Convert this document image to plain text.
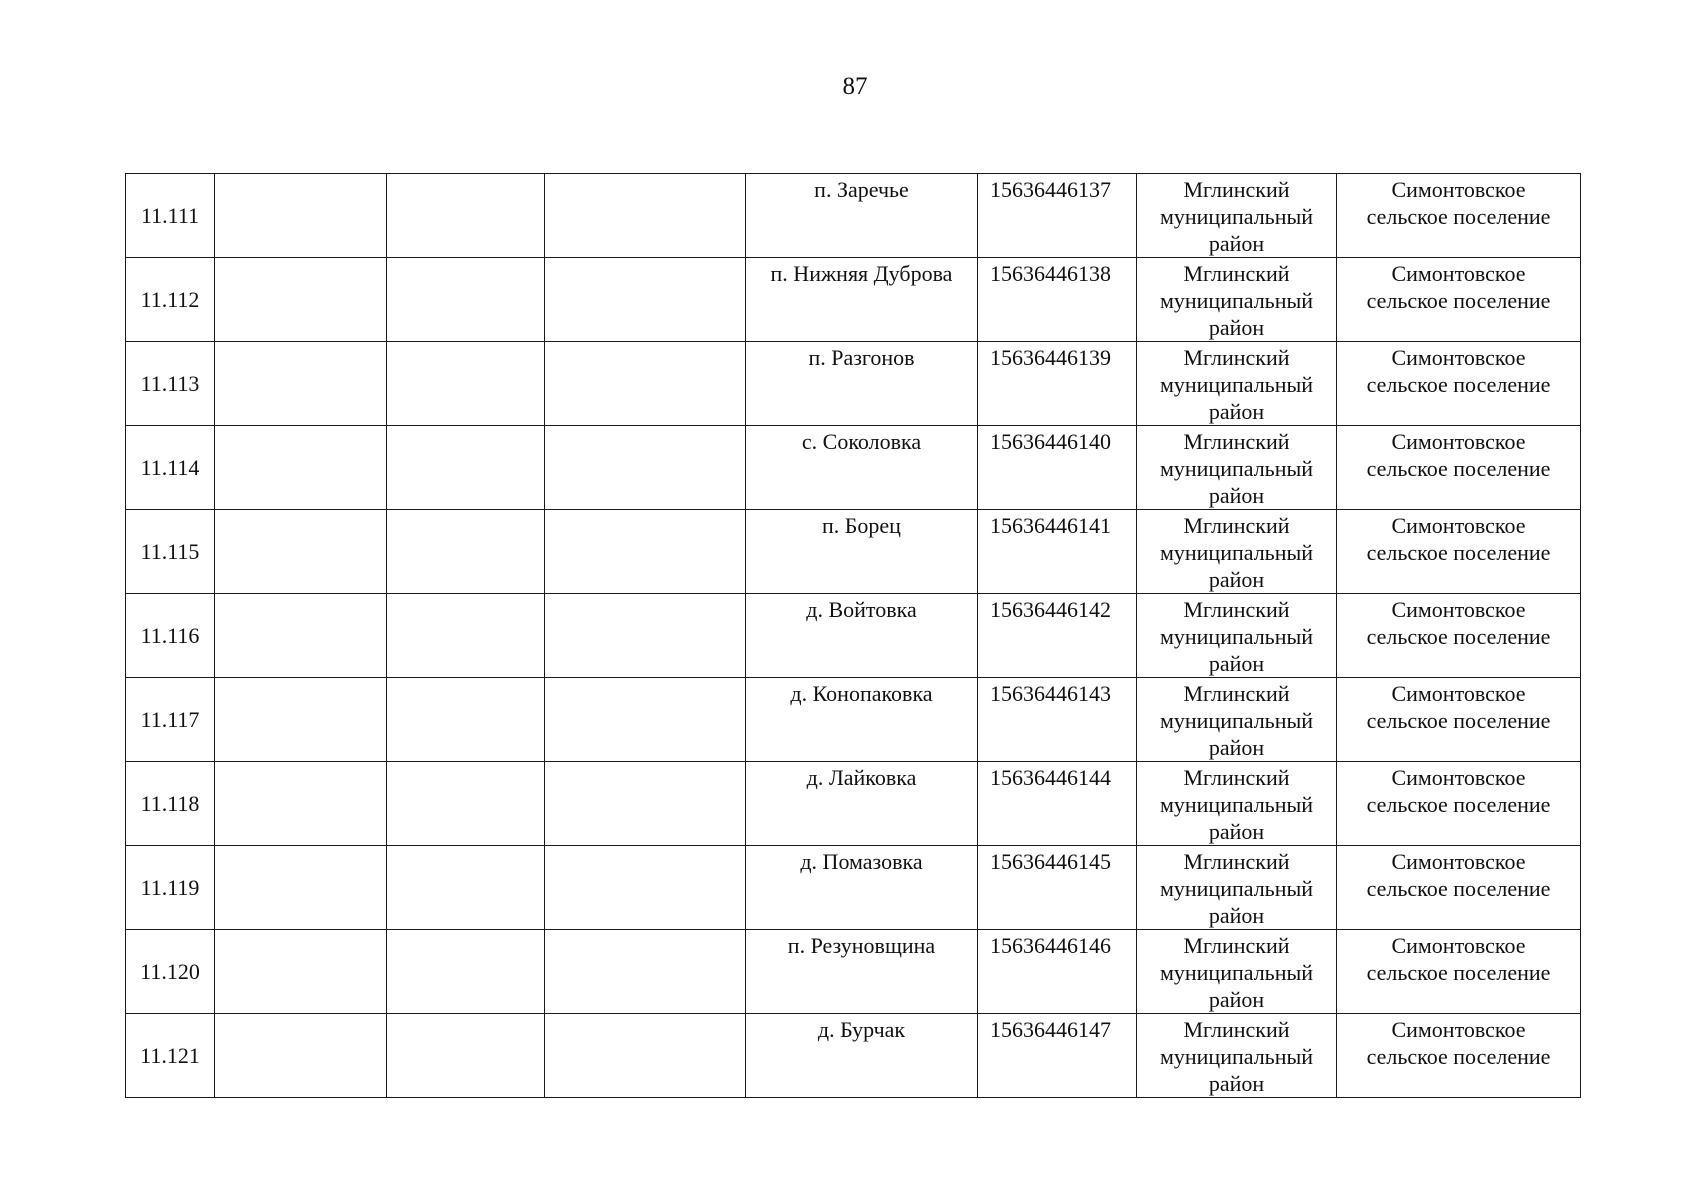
87
11.111				п. Заречье	15636446137	Мглинский
муниципальный
район	Симонтовское
сельское поселение

11.112				п. Нижняя Дуброва	15636446138	Мглинский
муниципальный
район	Симонтовское
сельское поселение

11.113				п. Разгонов	15636446139	Мглинский
муниципальный
район	Симонтовское
сельское поселение

11.114				с. Соколовка	15636446140	Мглинский
муниципальный
район	Симонтовское
сельское поселение

11.115				п. Борец	15636446141	Мглинский
муниципальный
район	Симонтовское
сельское поселение

11.116				д. Войтовка	15636446142	Мглинский
муниципальный
район	Симонтовское
сельское поселение

11.117				д. Конопаковка	15636446143	Мглинский
муниципальный
район	Симонтовское
сельское поселение

11.118				д. Лайковка	15636446144	Мглинский
муниципальный
район	Симонтовское
сельское поселение

11.119				д. Помазовка	15636446145	Мглинский
муниципальный
район	Симонтовское
сельское поселение

11.120				п. Резуновщина	15636446146	Мглинский
муниципальный
район	Симонтовское
сельское поселение

11.121				д. Бурчак	15636446147	Мглинский
муниципальный
район	Симонтовское
сельское поселение
